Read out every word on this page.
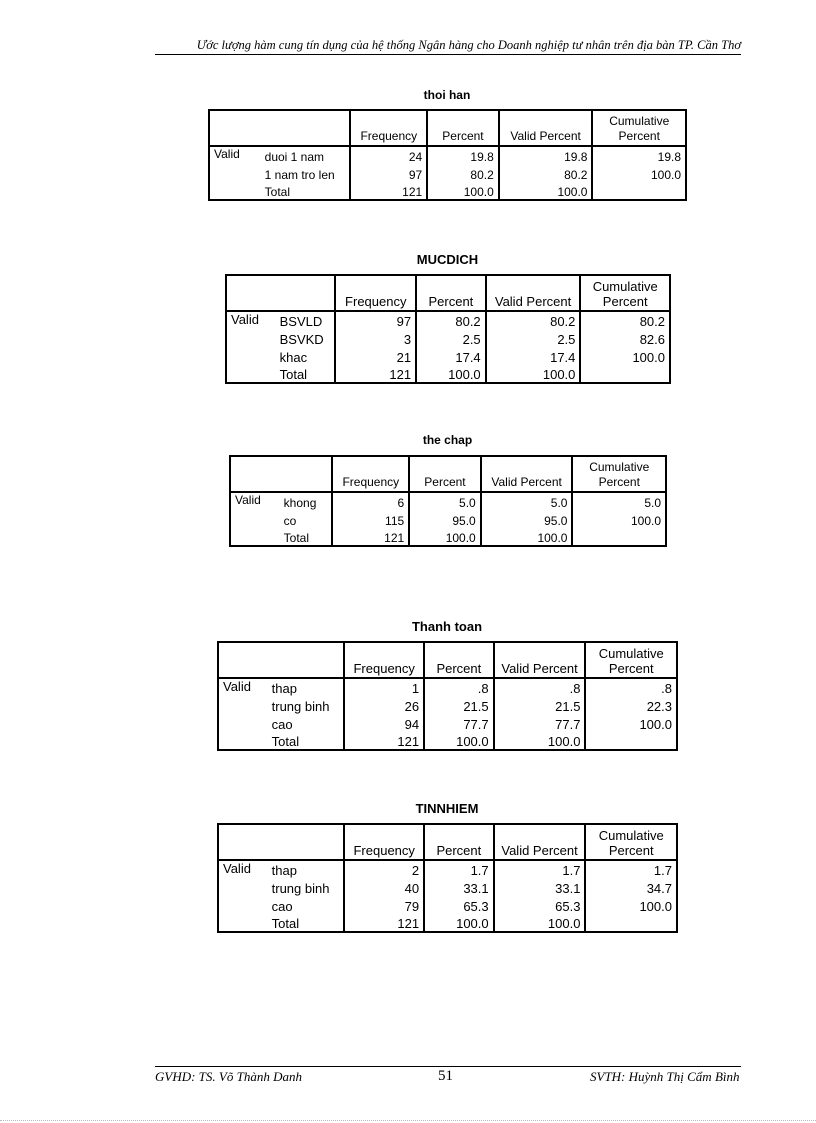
Ước lượng hàm cung tín dụng của hệ thống Ngân hàng cho Doanh nghiệp tư nhân trên địa bàn TP. Cần Thơ
thoi han
		Frequency	Percent	Valid Percent	Cumulative
Percent
Valid	duoi 1 nam	24	19.8	19.8	19.8
	1 nam tro len	97	80.2	80.2	100.0
	Total	121	100.0	100.0	
MUCDICH
		Frequency	Percent	Valid Percent	Cumulative
Percent
Valid	BSVLD	97	80.2	80.2	80.2
	BSVKD	3	2.5	2.5	82.6
	khac	21	17.4	17.4	100.0
	Total	121	100.0	100.0	
the chap
		Frequency	Percent	Valid Percent	Cumulative
Percent
Valid	khong	6	5.0	5.0	5.0
	co	115	95.0	95.0	100.0
	Total	121	100.0	100.0	
Thanh toan
		Frequency	Percent	Valid Percent	Cumulative
Percent
Valid	thap	1	.8	.8	.8
	trung binh	26	21.5	21.5	22.3
	cao	94	77.7	77.7	100.0
	Total	121	100.0	100.0	
TINNHIEM
		Frequency	Percent	Valid Percent	Cumulative
Percent
Valid	thap	2	1.7	1.7	1.7
	trung binh	40	33.1	33.1	34.7
	cao	79	65.3	65.3	100.0
	Total	121	100.0	100.0	
GVHD: TS. Võ Thành Danh	51	SVTH: Huỳnh Thị Cẩm Bình
